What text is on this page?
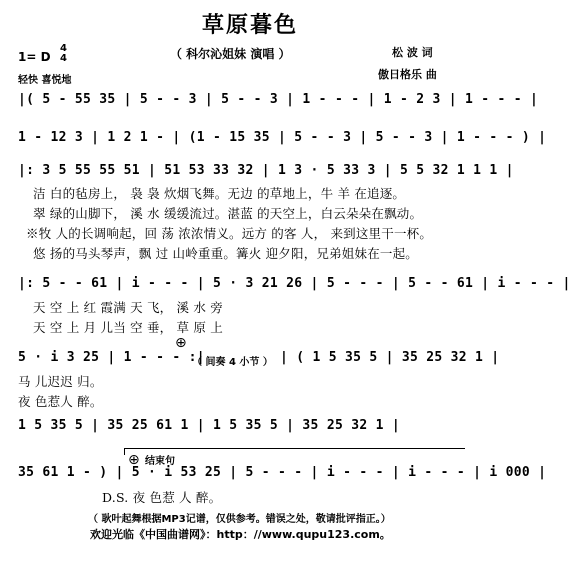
草原暮色
（ 科尔沁姐妹 演唱 ）
1= D
4
4
轻快 喜悦地
松 波 词
傲日格乐 曲
|( 5 - 55 35 | 5 - - 3 | 5 - - 3 | 1 - - - | 1 - 2 3 | 1 - - - |
1 - 12 3 | 1 2 1 - | (1 - 15 35 | 5 - - 3 | 5 - - 3 | 1 - - - ) |
|: 3 5 55 55 51 | 51 53 33 32 | 1 3 · 5 33 3 | 5 5 32 1 1 1 |
洁 白的毡房上， 袅 袅 炊烟飞舞。无边 的草地上，牛 羊 在追逐。
翠 绿的山脚下， 溪 水 缓缓流过。湛蓝 的天空上，白云朵朵在飘动。
※牧 人的长调响起，回 荡 浓浓情义。远方 的客 人， 来到这里干一杯。
悠 扬的马头琴声，飘 过 山岭重重。篝火 迎夕阳，兄弟姐妹在一起。
|: 5 - - 61 | i - - - | 5 · 3 21 26 | 5 - - - | 5 - - 61 | i - - - |
天 空 上 红 霞满 天 飞， 溪 水 旁
天 空 上 月 儿当 空 垂， 草 原 上
5 · i 3 25 | 1 - - - :|
⊕
（ 间奏 4 小节 ） | ( 1 5 35 5 | 35 25 32 1 |
马 儿迟迟 归。
夜 色惹人 醉。
1 5 35 5 | 35 25 61 1 | 1 5 35 5 | 35 25 32 1 |
⊕ 结束句
35 61 1 - ) | 5 · i 53 25 | 5 - - - | i - - - | i - - - | i 000 |
D.S. 夜 色惹 人 醉。
（ 耿叶起舞根据MP3记谱，仅供参考。错误之处，敬请批评指正。）
欢迎光临《中国曲谱网》：http：//www.qupu123.com。
